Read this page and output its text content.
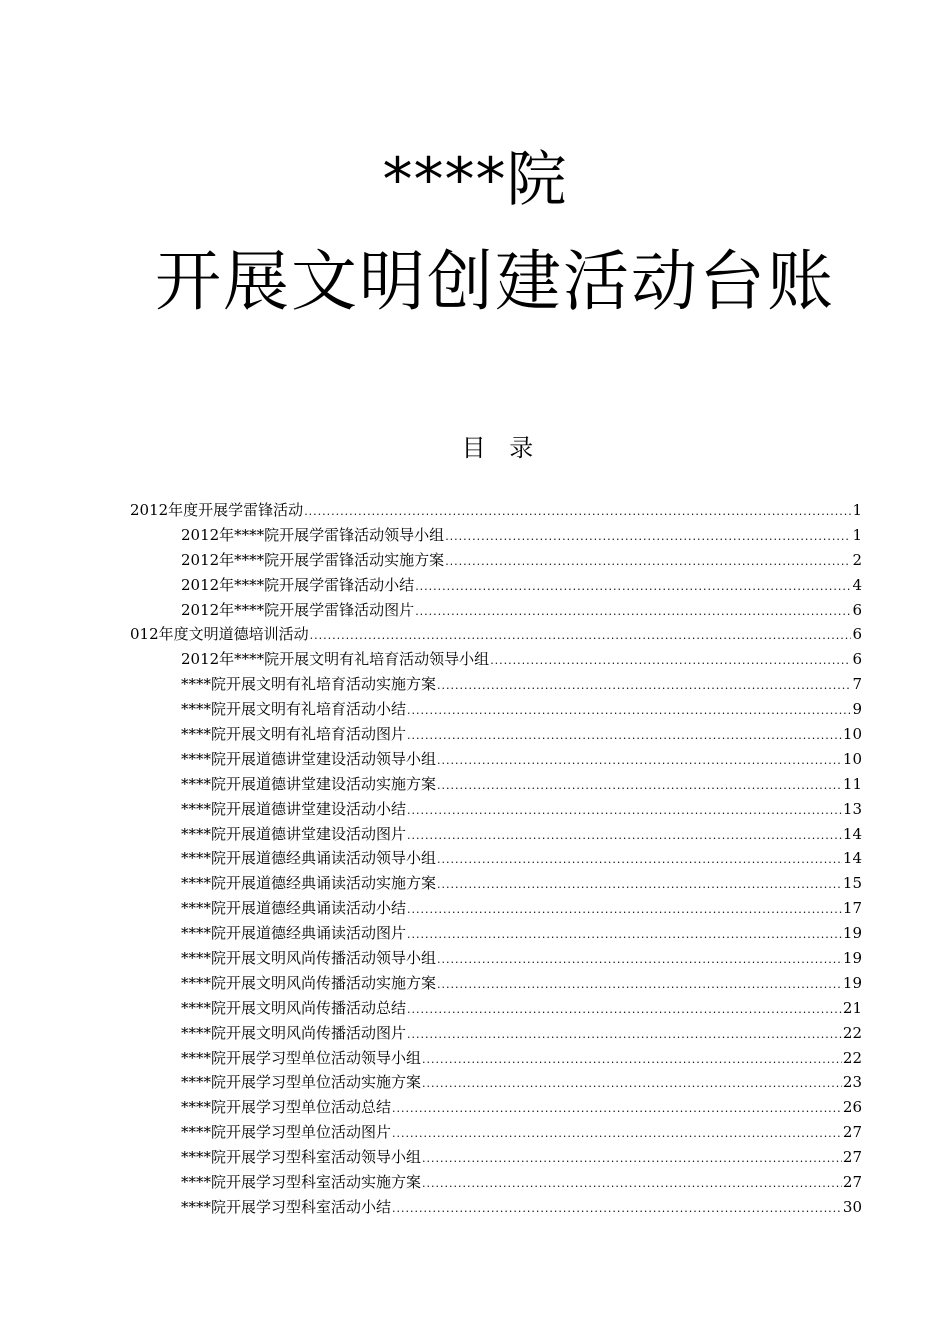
****院
开展文明创建活动台账
目 录
2012年度开展学雷锋活动 .....	1
2012年****院开展学雷锋活动领导小组 .....	1
2012年****院开展学雷锋活动实施方案 .....	2
2012年****院开展学雷锋活动小结 .....	4
2012年****院开展学雷锋活动图片 .....	6
012年度文明道德培训活动 .....	6
2012年****院开展文明有礼培育活动领导小组 .....	6
****院开展文明有礼培育活动实施方案 .....	7
****院开展文明有礼培育活动小结 .....	9
****院开展文明有礼培育活动图片 .....	10
****院开展道德讲堂建设活动领导小组 .....	10
****院开展道德讲堂建设活动实施方案 .....	11
****院开展道德讲堂建设活动小结 .....	13
****院开展道德讲堂建设活动图片 .....	14
****院开展道德经典诵读活动领导小组 .....	14
****院开展道德经典诵读活动实施方案 .....	15
****院开展道德经典诵读活动小结 .....	17
****院开展道德经典诵读活动图片 .....	19
****院开展文明风尚传播活动领导小组 .....	19
****院开展文明风尚传播活动实施方案 .....	19
****院开展文明风尚传播活动总结 .....	21
****院开展文明风尚传播活动图片 .....	22
****院开展学习型单位活动领导小组 .....	22
****院开展学习型单位活动实施方案 .....	23
****院开展学习型单位活动总结 .....	26
****院开展学习型单位活动图片 .....	27
****院开展学习型科室活动领导小组 .....	27
****院开展学习型科室活动实施方案 .....	27
****院开展学习型科室活动小结 .....	30
